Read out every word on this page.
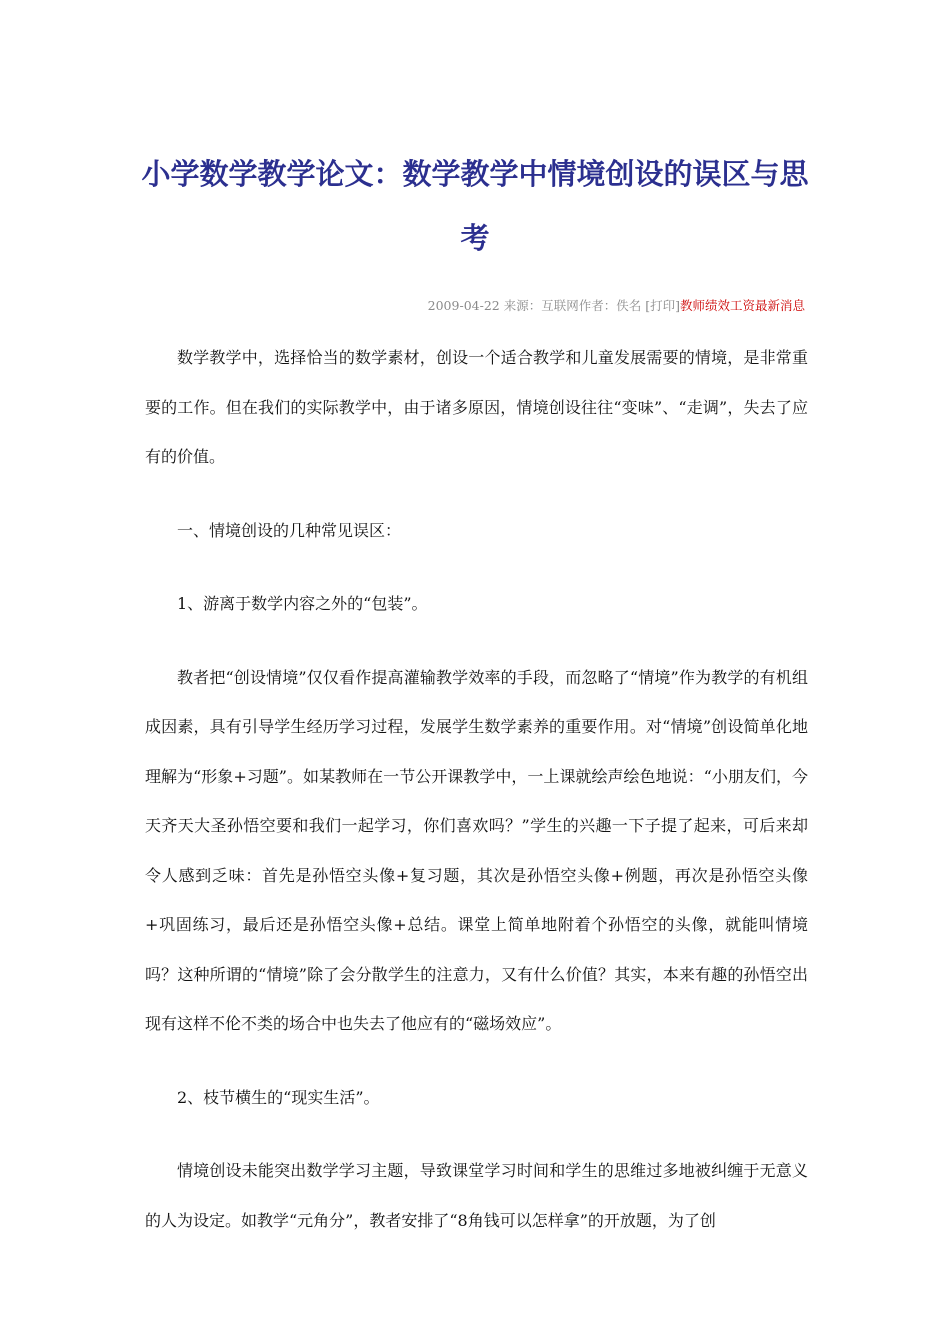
小学数学教学论文：数学教学中情境创设的误区与思考
2009-04-22 来源：互联网作者：佚名 [打印]教师绩效工资最新消息

数学教学中，选择恰当的数学素材，创设一个适合教学和儿童发展需要的情境，是非常重要的工作。但在我们的实际教学中，由于诸多原因，情境创设往往“变味”、“走调”，失去了应有的价值。

一、情境创设的几种常见误区：

1、游离于数学内容之外的“包装”。

教者把“创设情境”仅仅看作提高灌输教学效率的手段，而忽略了“情境”作为教学的有机组成因素，具有引导学生经历学习过程，发展学生数学素养的重要作用。对“情境”创设简单化地理解为“形象+习题”。如某教师在一节公开课教学中，一上课就绘声绘色地说：“小朋友们，今天齐天大圣孙悟空要和我们一起学习，你们喜欢吗？”学生的兴趣一下子提了起来，可后来却令人感到乏味：首先是孙悟空头像+复习题，其次是孙悟空头像+例题，再次是孙悟空头像+巩固练习，最后还是孙悟空头像+总结。课堂上简单地附着个孙悟空的头像，就能叫情境吗？这种所谓的“情境”除了会分散学生的注意力，又有什么价值？其实，本来有趣的孙悟空出现有这样不伦不类的场合中也失去了他应有的“磁场效应”。

2、枝节横生的“现实生活”。

情境创设未能突出数学学习主题，导致课堂学习时间和学生的思维过多地被纠缠于无意义的人为设定。如教学“元角分”，教者安排了“8角钱可以怎样拿”的开放题，为了创
